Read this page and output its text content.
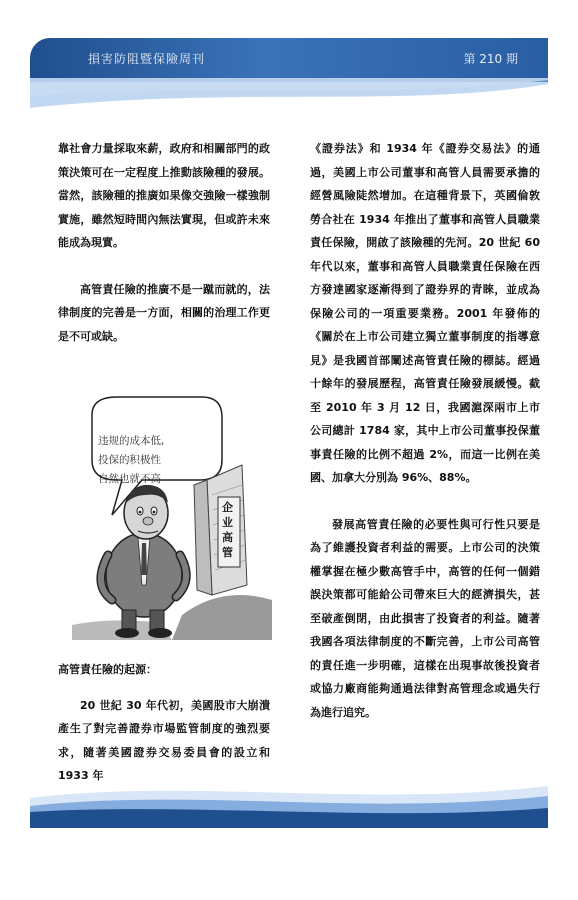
損害防阻暨保險周刊	第 210 期

靠社會力量採取來薪，政府和相關部門的政策決策可在一定程度上推動該險種的發展。當然，該險種的推廣如果像交強險一樣強制實施，雖然短時間內無法實現，但或許未來能成為現實。

高管責任險的推廣不是一蹴而就的，法律制度的完善是一方面，相關的治理工作更是不可或缺。

违规的成本低,
投保的积极性
自然也就不高
企业高管

高管責任險的起源：

20 世紀 30 年代初，美國股市大崩潰產生了對完善證券市場監管制度的強烈要求，隨著美國證券交易委員會的設立和 1933 年

《證券法》和 1934 年《證券交易法》的通過，美國上市公司董事和高管人員需要承擔的經營風險陡然增加。在這種背景下，英國倫敦勞合社在 1934 年推出了董事和高管人員職業責任保險，開啟了該險種的先河。20 世紀 60 年代以來，董事和高管人員職業責任保險在西方發達國家逐漸得到了證券界的青睞，並成為保險公司的一項重要業務。2001 年發佈的《關於在上市公司建立獨立董事制度的指導意見》是我國首部闡述高管責任險的標誌。經過十餘年的發展歷程，高管責任險發展緩慢。截至 2010 年 3 月 12 日，我國滬深兩市上市公司總計 1784 家，其中上市公司董事投保董事責任險的比例不超過 2%，而這一比例在美國、加拿大分別為 96%、88%。

發展高管責任險的必要性與可行性只要是為了維護投資者利益的需要。上市公司的決策權掌握在極少數高管手中，高管的任何一個錯誤決策都可能給公司帶來巨大的經濟損失，甚至破產倒閉，由此損害了投資者的利益。隨著我國各項法律制度的不斷完善，上市公司高管的責任進一步明確，這樣在出現事故後投資者或協力廠商能夠通過法律對高管理念或過失行為進行追究。
